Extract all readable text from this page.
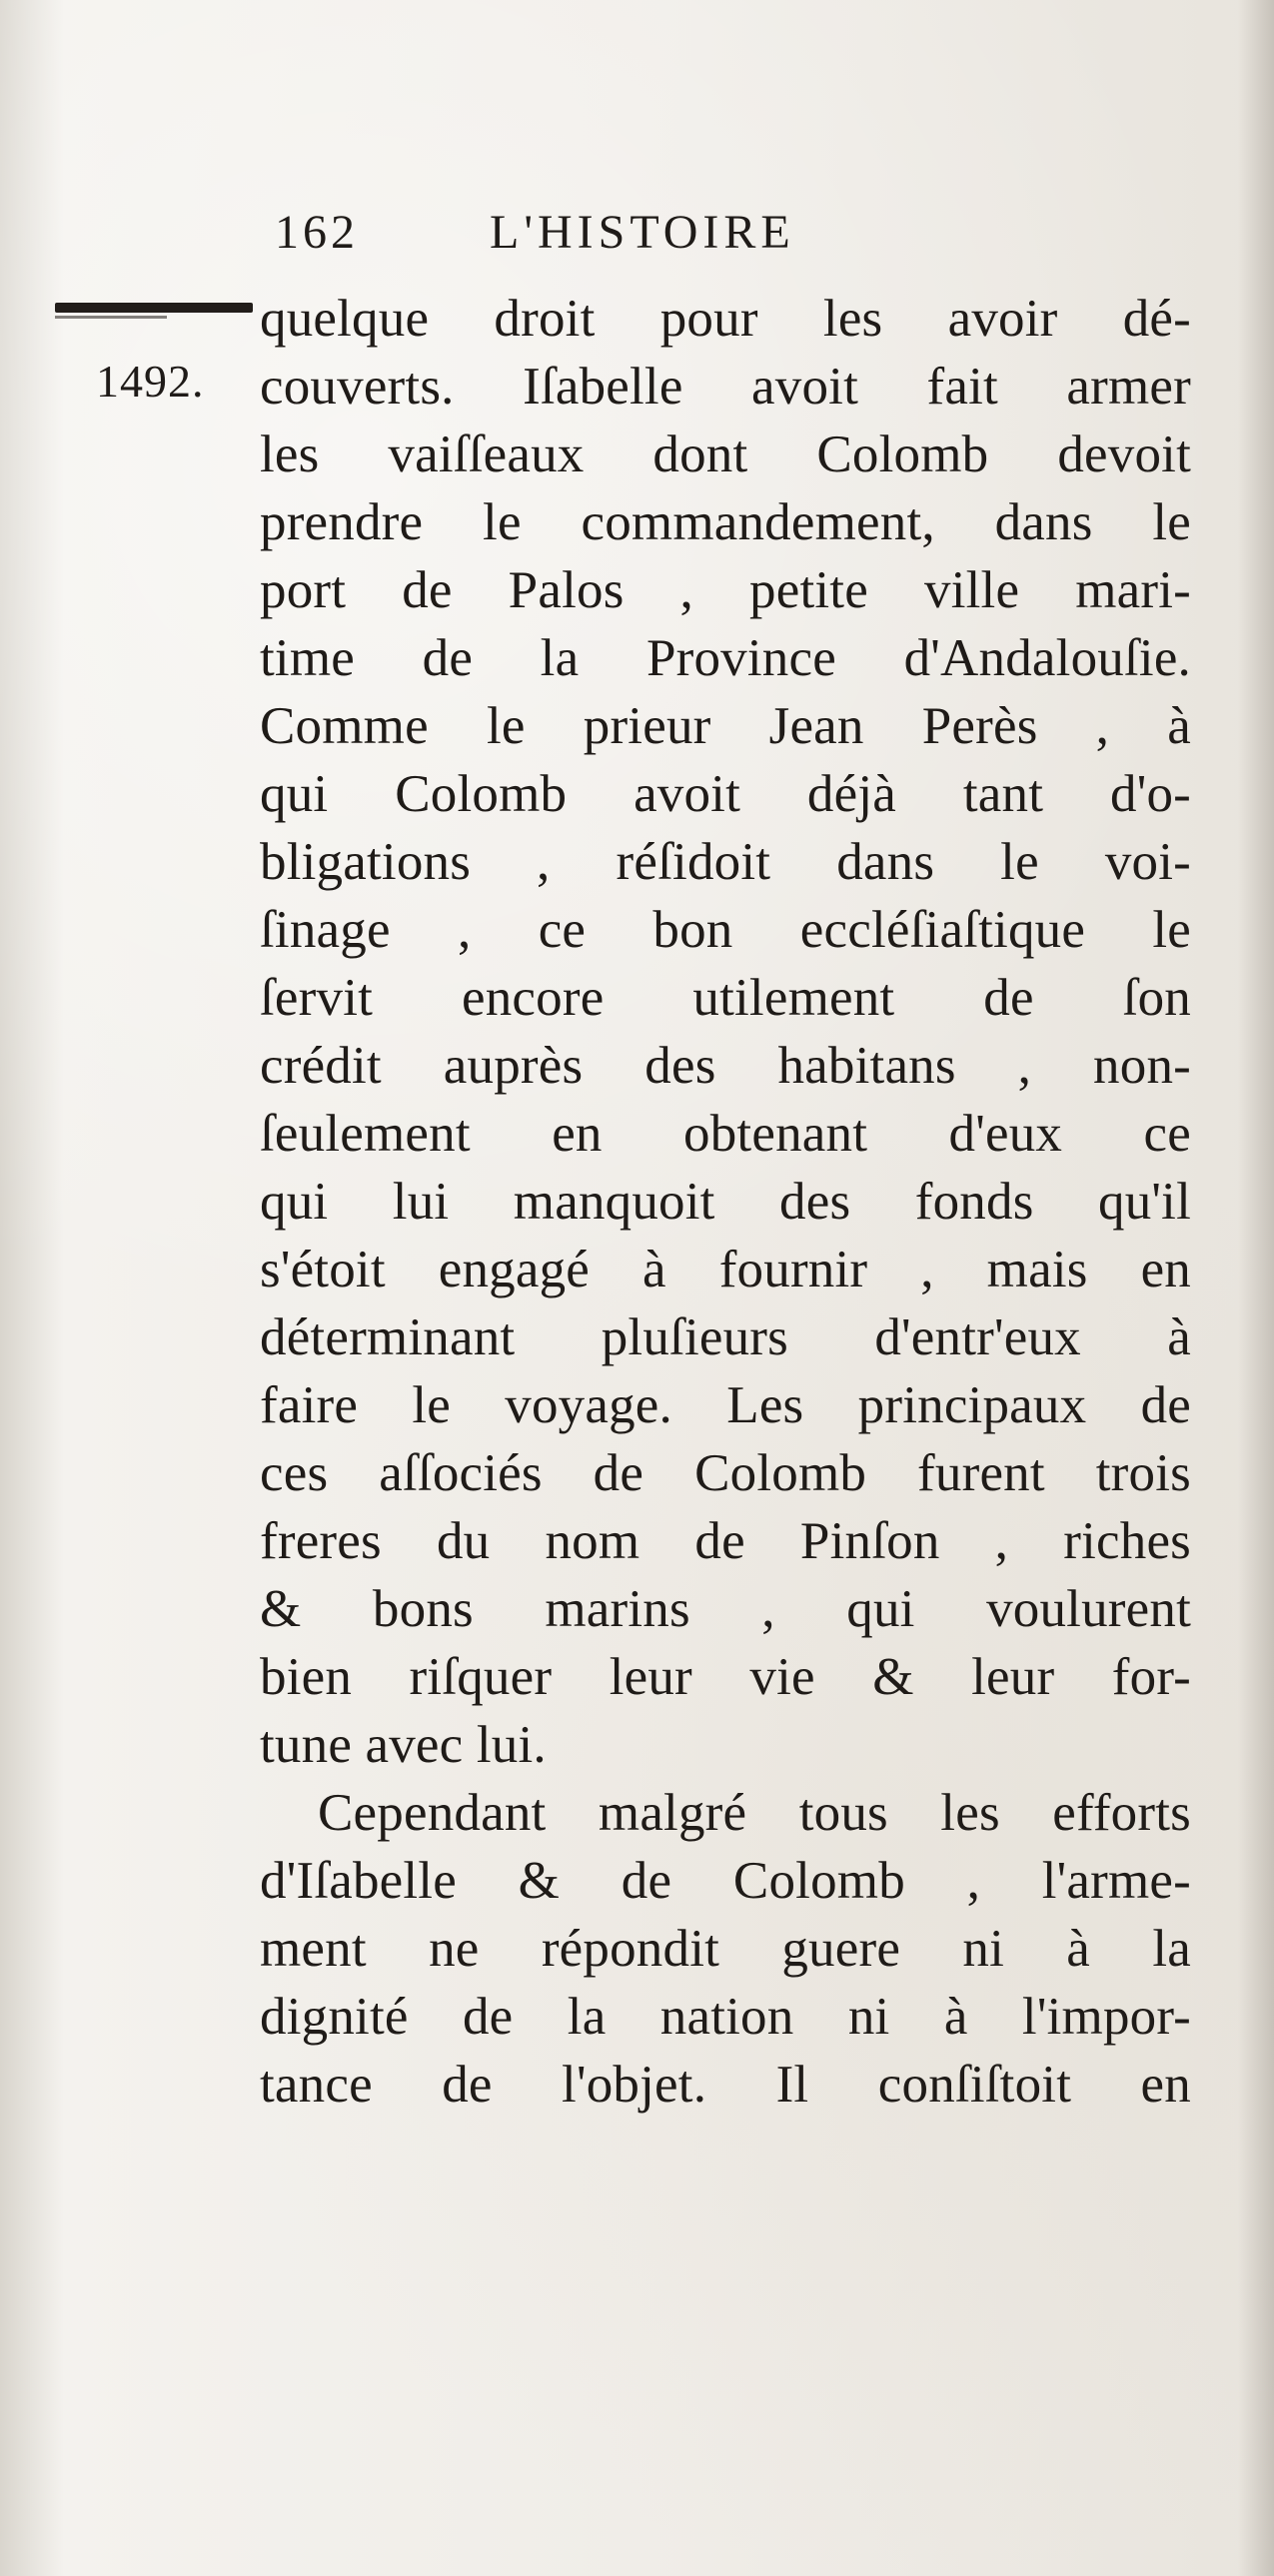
162	L'HISTOIRE
1492.
quelque droit pour les avoir dé-
couverts. Iſabelle avoit fait armer
les vaiſſeaux dont Colomb devoit
prendre le commandement, dans le
port de Palos , petite ville mari-
time de la Province d'Andalouſie.
Comme le prieur Jean Perès , à
qui Colomb avoit déjà tant d'o-
bligations , réſidoit dans le voi-
ſinage , ce bon eccléſiaſtique le
ſervit encore utilement de ſon
crédit auprès des habitans , non-
ſeulement en obtenant d'eux ce
qui lui manquoit des fonds qu'il
s'étoit engagé à fournir , mais en
déterminant pluſieurs d'entr'eux à
faire le voyage. Les principaux de
ces aſſociés de Colomb furent trois
freres du nom de Pinſon , riches
& bons marins , qui voulurent
bien riſquer leur vie & leur for-
tune avec lui.
Cependant malgré tous les efforts
d'Iſabelle & de Colomb , l'arme-
ment ne répondit guere ni à la
dignité de la nation ni à l'impor-
tance de l'objet. Il conſiſtoit en
